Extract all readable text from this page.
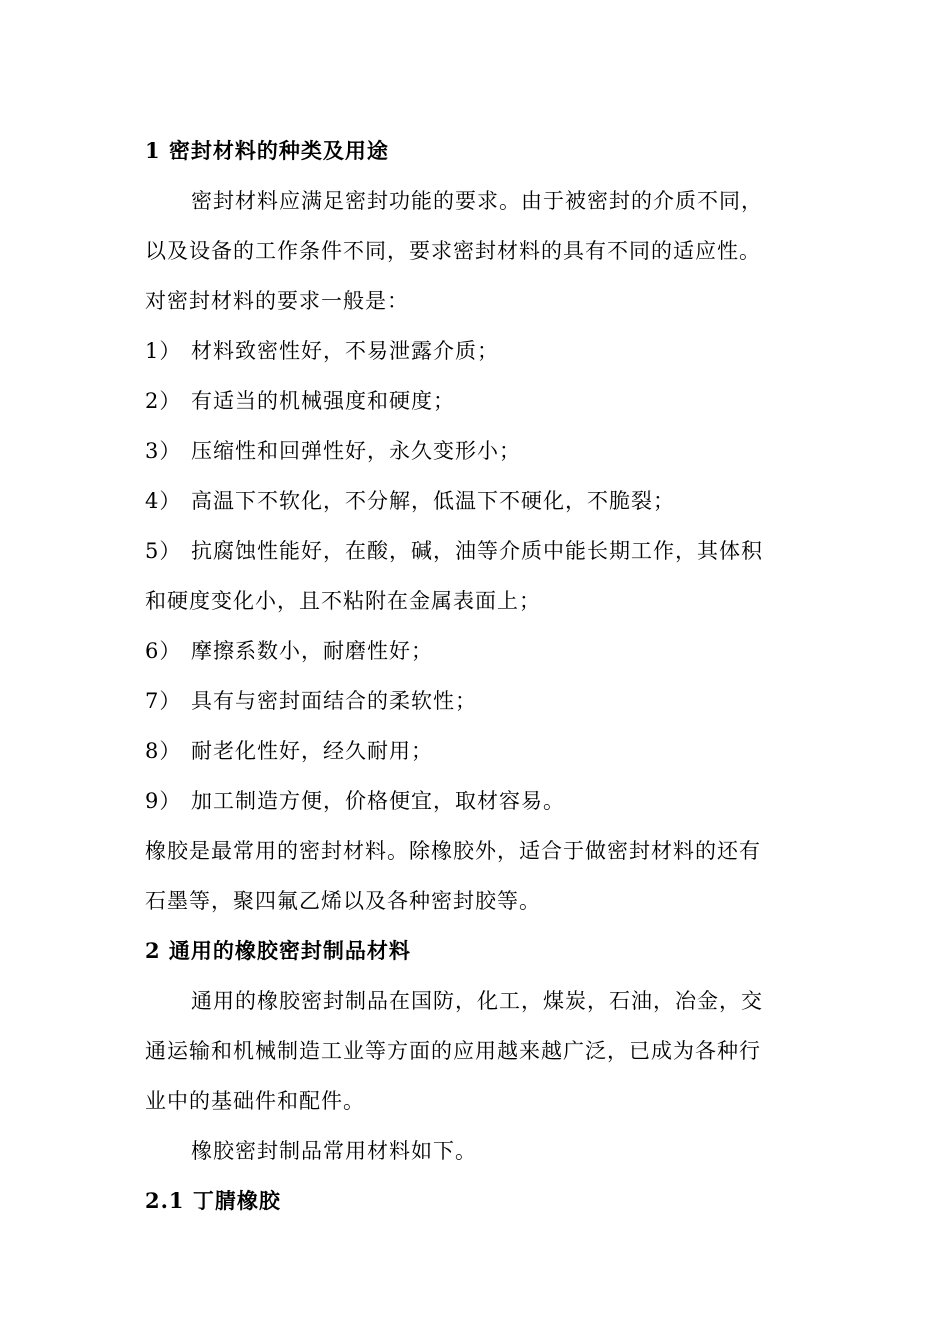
1 密封材料的种类及用途
密封材料应满足密封功能的要求。由于被密封的介质不同，
以及设备的工作条件不同，要求密封材料的具有不同的适应性。
对密封材料的要求一般是：
1） 材料致密性好，不易泄露介质；
2） 有适当的机械强度和硬度；
3） 压缩性和回弹性好，永久变形小；
4） 高温下不软化，不分解，低温下不硬化，不脆裂；
5） 抗腐蚀性能好，在酸，碱，油等介质中能长期工作，其体积
和硬度变化小，且不粘附在金属表面上；
6） 摩擦系数小，耐磨性好；
7） 具有与密封面结合的柔软性；
8） 耐老化性好，经久耐用；
9） 加工制造方便，价格便宜，取材容易。
橡胶是最常用的密封材料。除橡胶外，适合于做密封材料的还有
石墨等，聚四氟乙烯以及各种密封胶等。
2 通用的橡胶密封制品材料
通用的橡胶密封制品在国防，化工，煤炭，石油，冶金，交
通运输和机械制造工业等方面的应用越来越广泛，已成为各种行
业中的基础件和配件。
橡胶密封制品常用材料如下。
2.1 丁腈橡胶
